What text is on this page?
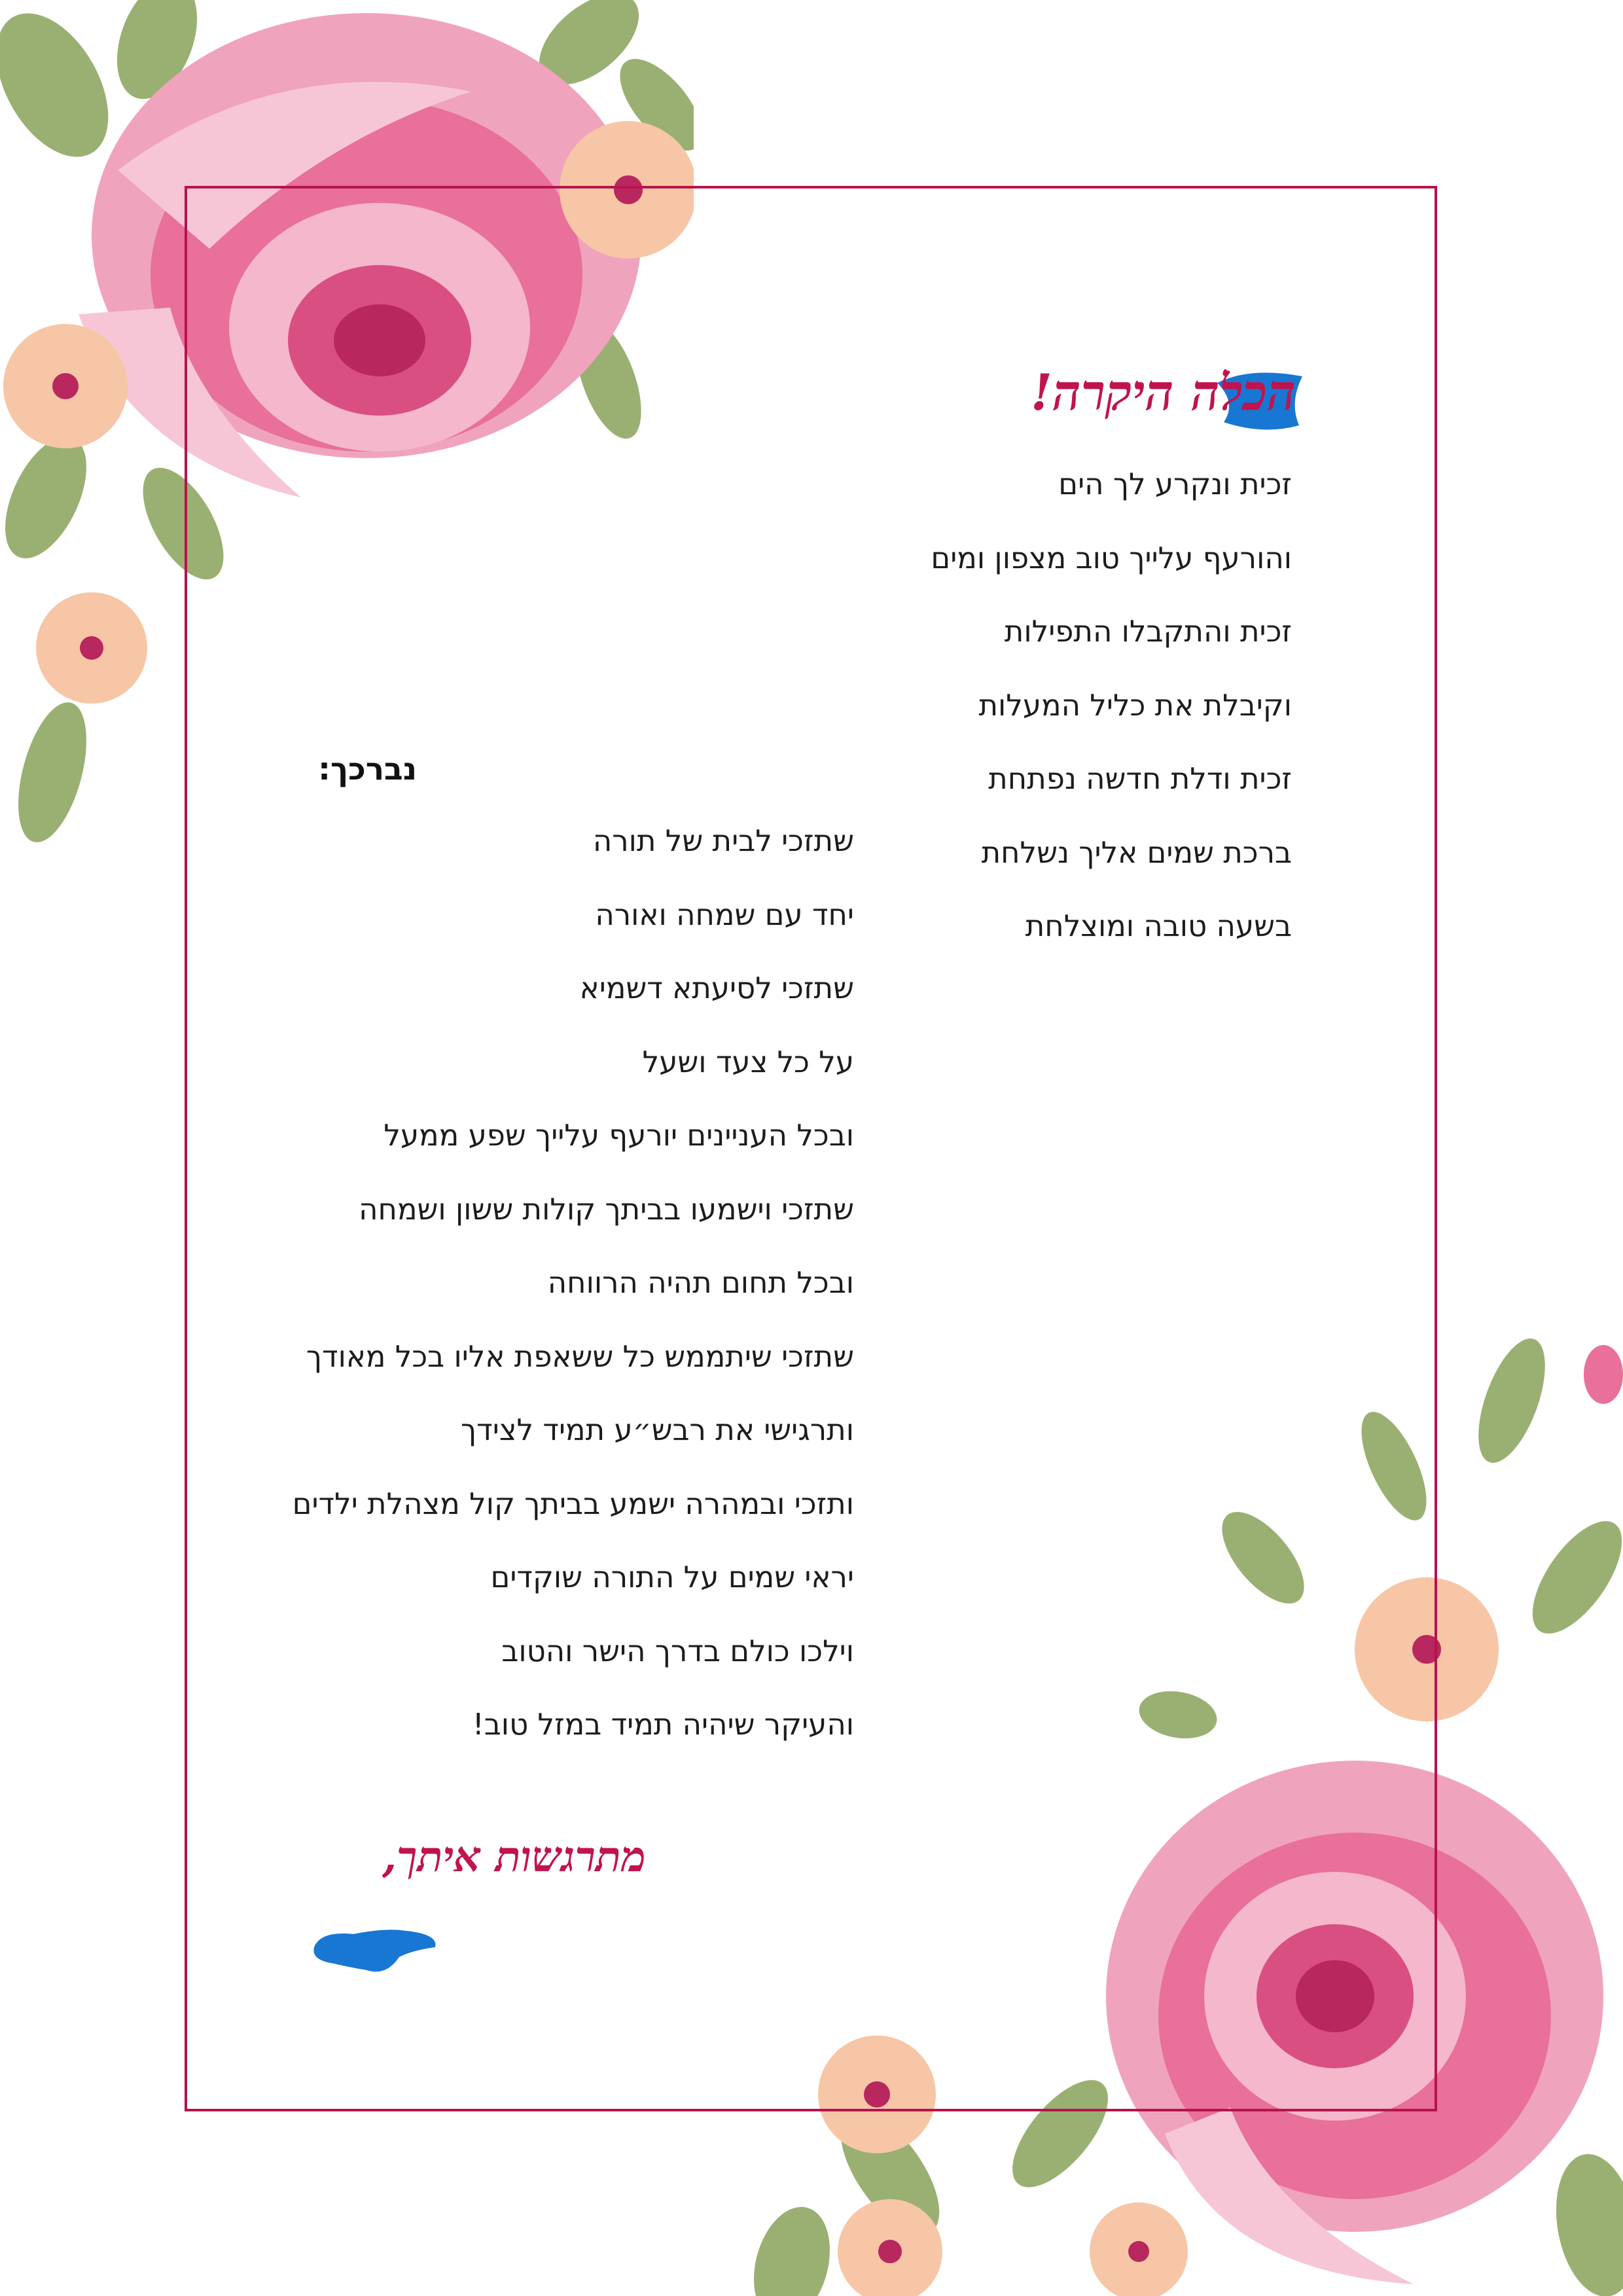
הכלה היקרה!
זכית ונקרע לך הים
והורעף עלייך טוב מצפון ומים
זכית והתקבלו התפילות
וקיבלת את כליל המעלות
זכית ודלת חדשה נפתחת
ברכת שמים אליך נשלחת
בשעה טובה ומוצלחת
נברכך:
שתזכי לבית של תורה
יחד עם שמחה ואורה
שתזכי לסיעתא דשמיא
על כל צעד ושעל
ובכל העניינים יורעף עלייך שפע ממעל
שתזכי וישמעו בביתך קולות ששון ושמחה
ובכל תחום תהיה הרווחה
שתזכי שיתממש כל ששאפת אליו בכל מאודך
ותרגישי את רבש״ע תמיד לצידך
ותזכי ובמהרה ישמע בביתך קול מצהלת ילדים
יראי שמים על התורה שוקדים
וילכו כולם בדרך הישר והטוב
והעיקר שיהיה תמיד במזל טוב!
מתרגשות איתך,
